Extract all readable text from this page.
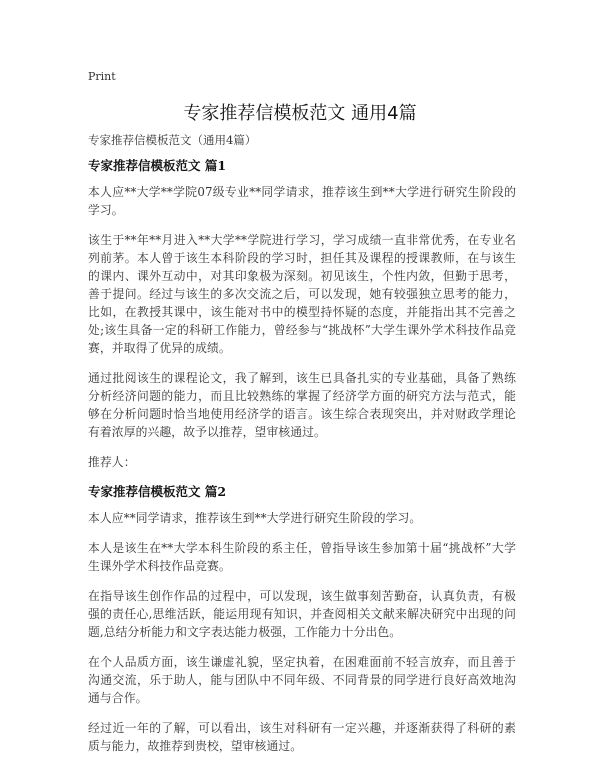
Print
专家推荐信模板范文 通用4篇

专家推荐信模板范文（通用4篇）

专家推荐信模板范文 篇1

本人应**大学**学院07级专业**同学请求，推荐该生到**大学进行研究生阶段的学习。

该生于**年**月进入**大学**学院进行学习，学习成绩一直非常优秀，在专业名列前茅。本人曾于该生本科阶段的学习时，担任其及课程的授课教师，在与该生的课内、课外互动中，对其印象极为深刻。初见该生，个性内敛，但勤于思考，善于提问。经过与该生的多次交流之后，可以发现，她有较强独立思考的能力，比如，在教授其课中，该生能对书中的模型持怀疑的态度，并能指出其不完善之处;该生具备一定的科研工作能力，曾经参与“挑战杯”大学生课外学术科技作品竞赛，并取得了优异的成绩。

通过批阅该生的课程论文，我了解到，该生已具备扎实的专业基础，具备了熟练分析经济问题的能力，而且比较熟练的掌握了经济学方面的研究方法与范式，能够在分析问题时恰当地使用经济学的语言。该生综合表现突出，并对财政学理论有着浓厚的兴趣，故予以推荐，望审核通过。

推荐人：

专家推荐信模板范文 篇2

本人应**同学请求，推荐该生到**大学进行研究生阶段的学习。

本人是该生在**大学本科生阶段的系主任，曾指导该生参加第十届“挑战杯”大学生课外学术科技作品竞赛。

在指导该生创作作品的过程中，可以发现，该生做事刻苦勤奋，认真负责，有极强的责任心,思维活跃，能运用现有知识，并查阅相关文献来解决研究中出现的问题,总结分析能力和文字表达能力极强，工作能力十分出色。

在个人品质方面，该生谦虚礼貌，坚定执着，在困难面前不轻言放弃，而且善于沟通交流，乐于助人，能与团队中不同年级、不同背景的同学进行良好高效地沟通与合作。

经过近一年的了解，可以看出，该生对科研有一定兴趣，并逐渐获得了科研的素质与能力，故推荐到贵校，望审核通过。
